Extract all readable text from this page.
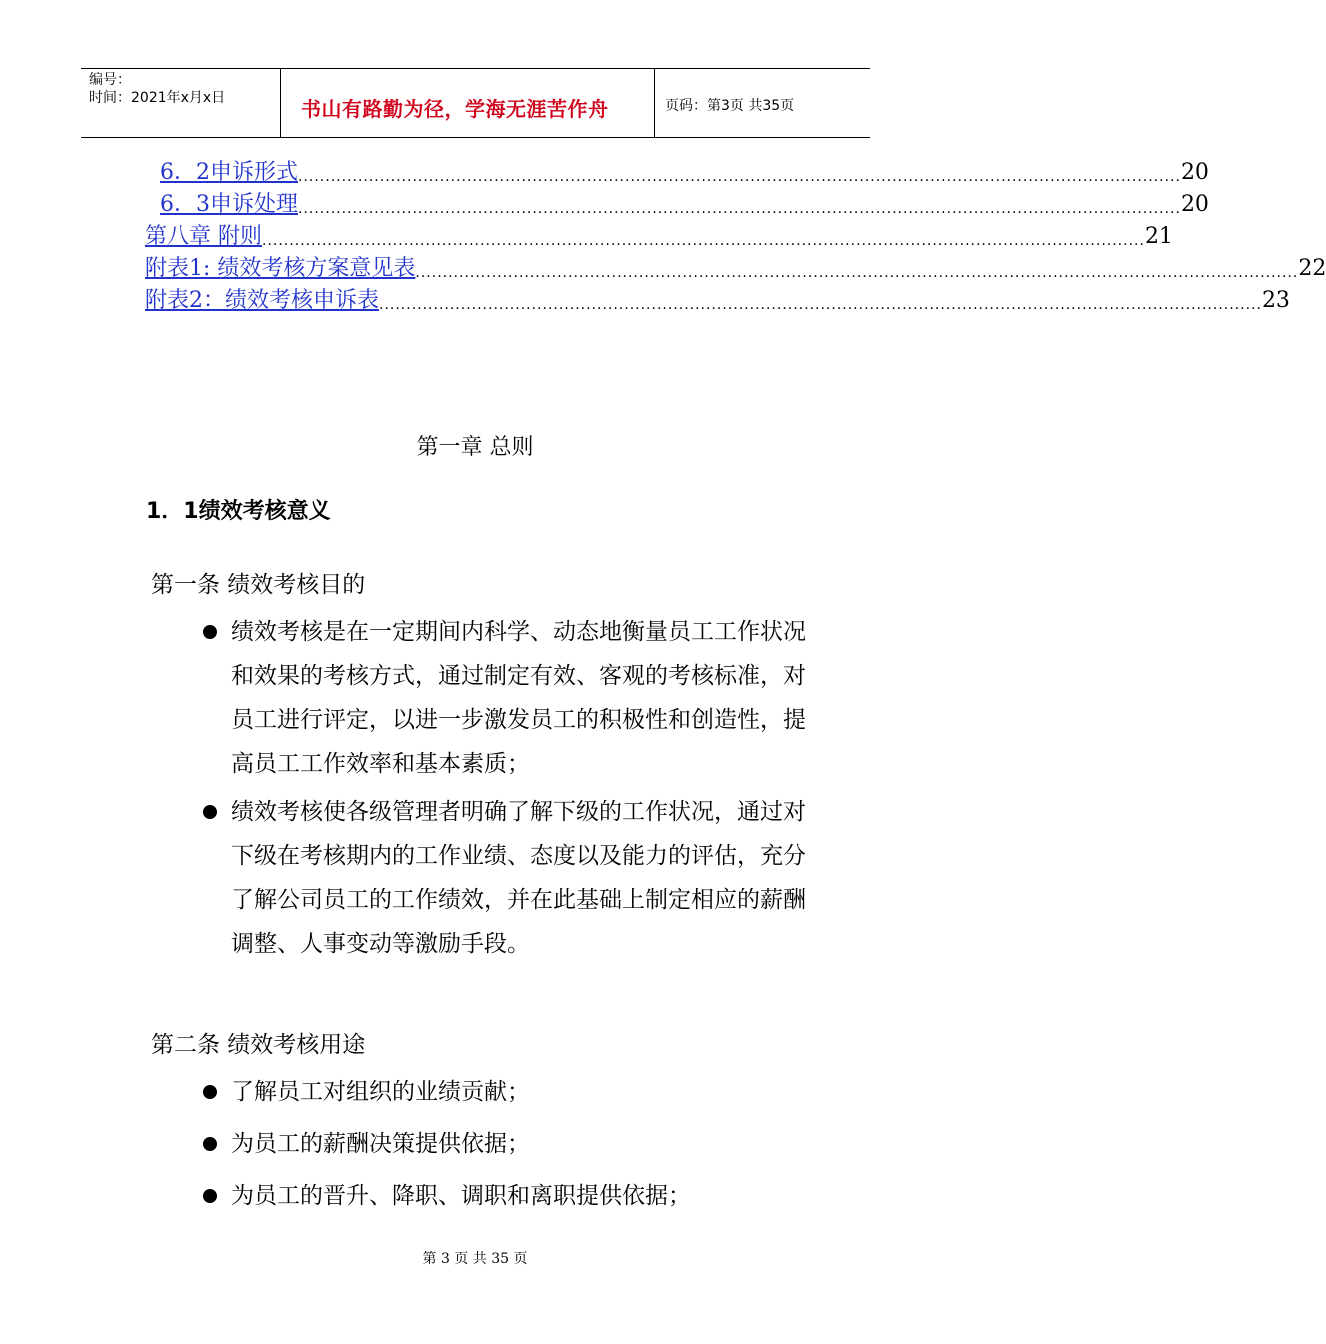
编号：
时间：2021年x月x日	书山有路勤为径，学海无涯苦作舟	页码：第3页 共35页
6．2申诉形式 .................................................................................................................................................................. 20
6．3申诉处理 .................................................................................................................................................................. 20
第八章 附则 .................................................................................................................................................................. 21
附表1: 绩效考核方案意见表 .................................................................................................................................................................. 22
附表2：绩效考核申诉表 .................................................................................................................................................................. 23
第一章 总则
1．1绩效考核意义
第一条 绩效考核目的
绩效考核是在一定期间内科学、动态地衡量员工工作状况和效果的考核方式，通过制定有效、客观的考核标准，对员工进行评定，以进一步激发员工的积极性和创造性，提高员工工作效率和基本素质；
绩效考核使各级管理者明确了解下级的工作状况，通过对下级在考核期内的工作业绩、态度以及能力的评估，充分了解公司员工的工作绩效，并在此基础上制定相应的薪酬调整、人事变动等激励手段。
第二条 绩效考核用途
了解员工对组织的业绩贡献；
为员工的薪酬决策提供依据；
为员工的晋升、降职、调职和离职提供依据；
第 3 页 共 35 页
